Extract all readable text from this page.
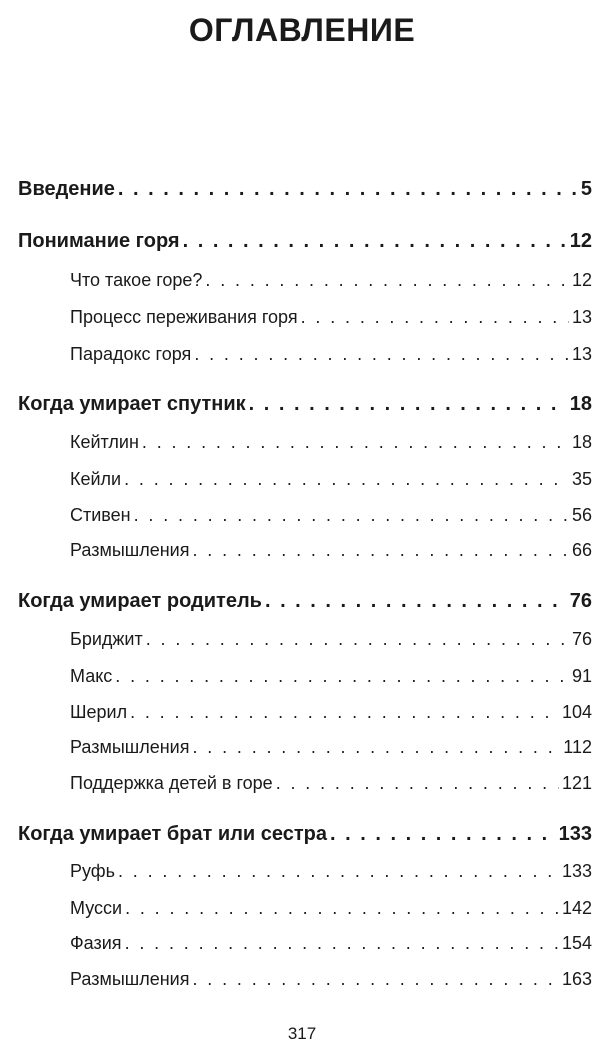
ОГЛАВЛЕНИЕ
Введение . . .	5
Понимание горя . . .	12
Что такое горе? . . .	12
Процесс переживания горя . . .	13
Парадокс горя . . .	13
Когда умирает спутник . . .	18
Кейтлин . . .	18
Кейли . . .	35
Стивен . . .	56
Размышления . . .	66
Когда умирает родитель . . .	76
Бриджит . . .	76
Макс . . .	91
Шерил . . .	104
Размышления . . .	112
Поддержка детей в горе . . .	121
Когда умирает брат или сестра . . .	133
Руфь . . .	133
Мусси . . .	142
Фазия . . .	154
Размышления . . .	163
317
